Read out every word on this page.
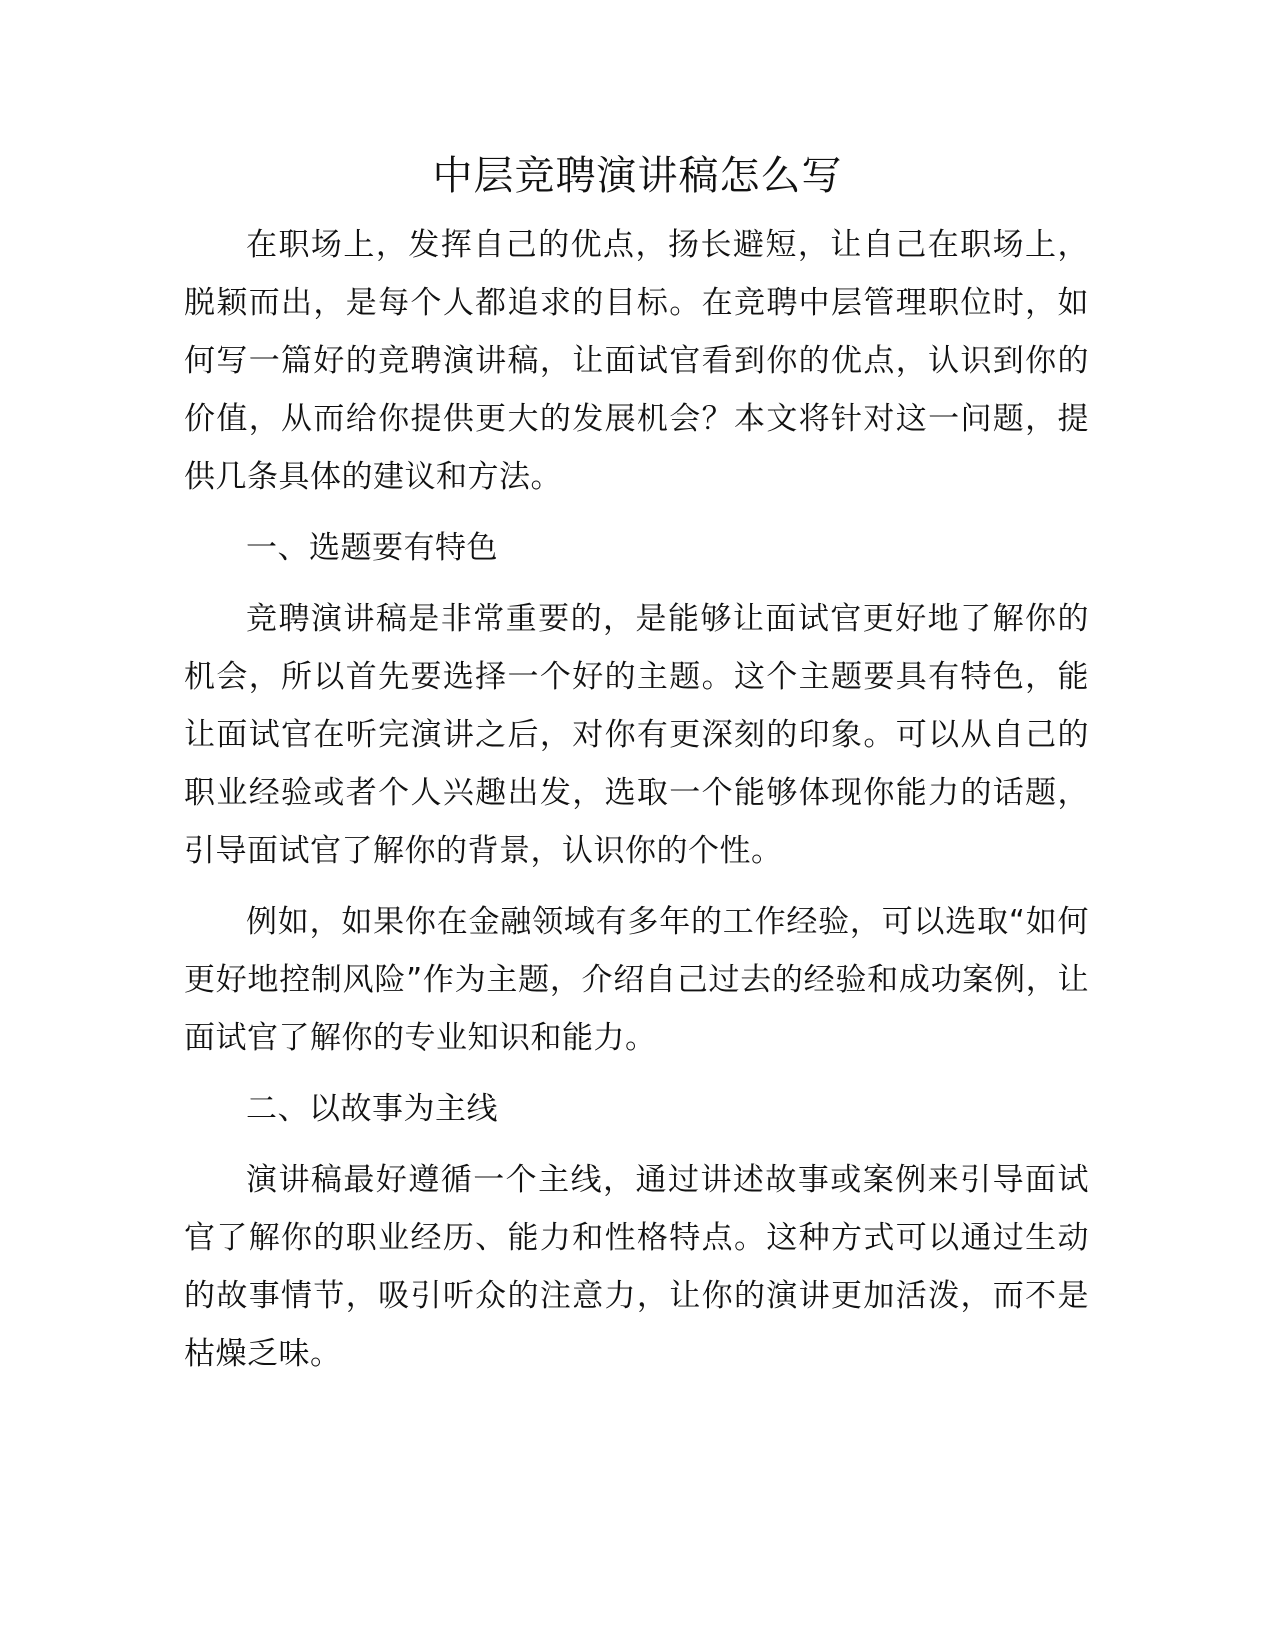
中层竞聘演讲稿怎么写

在职场上，发挥自己的优点，扬长避短，让自己在职场上，脱颖而出，是每个人都追求的目标。在竞聘中层管理职位时，如何写一篇好的竞聘演讲稿，让面试官看到你的优点，认识到你的价值，从而给你提供更大的发展机会？本文将针对这一问题，提供几条具体的建议和方法。

一、选题要有特色

竞聘演讲稿是非常重要的，是能够让面试官更好地了解你的机会，所以首先要选择一个好的主题。这个主题要具有特色，能让面试官在听完演讲之后，对你有更深刻的印象。可以从自己的职业经验或者个人兴趣出发，选取一个能够体现你能力的话题，引导面试官了解你的背景，认识你的个性。

例如，如果你在金融领域有多年的工作经验，可以选取“如何更好地控制风险”作为主题，介绍自己过去的经验和成功案例，让面试官了解你的专业知识和能力。

二、以故事为主线

演讲稿最好遵循一个主线，通过讲述故事或案例来引导面试官了解你的职业经历、能力和性格特点。这种方式可以通过生动的故事情节，吸引听众的注意力，让你的演讲更加活泼，而不是枯燥乏味。
